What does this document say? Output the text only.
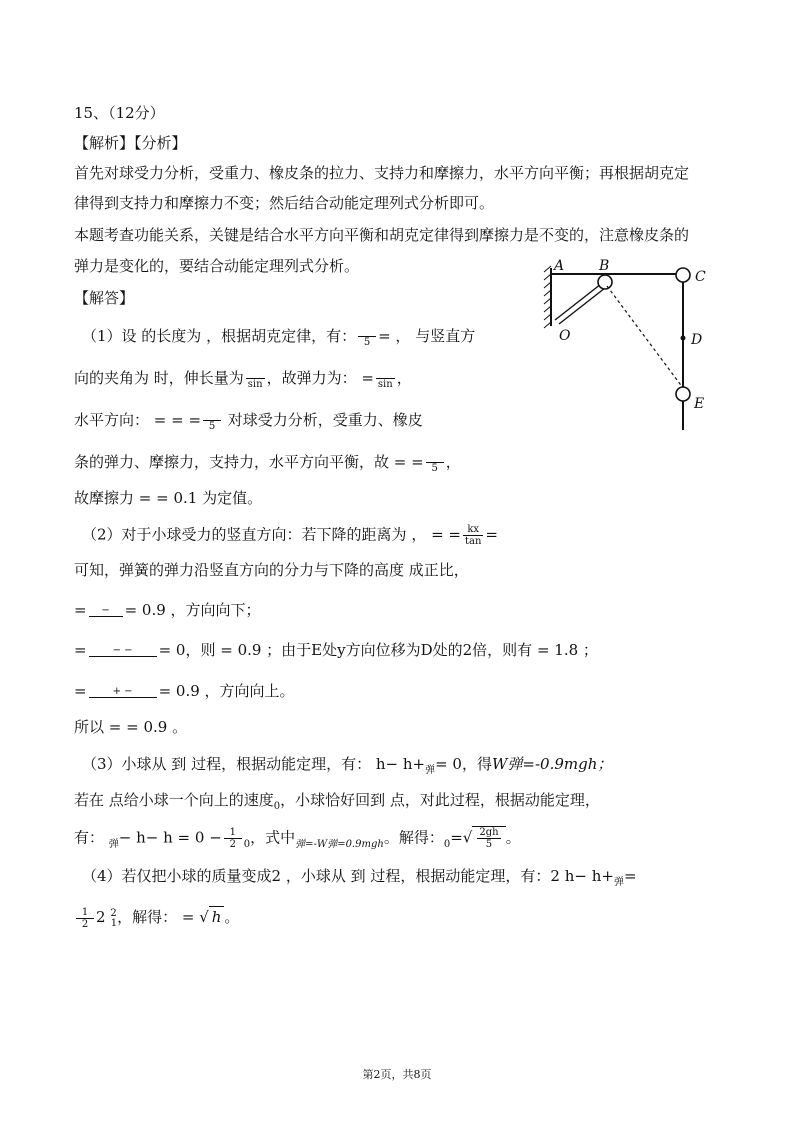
15、（12分）
【解析】【分析】
首先对球受力分析，受重力、橡皮条的拉力、支持力和摩擦力，水平方向平衡；再根据胡克定
律得到支持力和摩擦力不变；然后结合动能定理列式分析即可。
本题考查功能关系，关键是结合水平方向平衡和胡克定律得到摩擦力是不变的，注意橡皮条的
弹力是变化的，要结合动能定理列式分析。
【解答】
（1）设 的长度为 ，根据胡克定律，有： 5 = ， 与竖直方
向的夹角为 时，伸长量为 sin ，故弹力为： = sin ，
水平方向： = = = 5 对球受力分析，受重力、橡皮
条的弹力、摩擦力，支持力，水平方向平衡，故 = = 5 ，
故摩擦力 = = 0.1 为定值。
（2）对于小球受力的竖直方向：若下降的距离为 ， = = $\frac{kx}{\tan}$ =
可知，弹簧的弹力沿竖直方向的分力与下降的高度 成正比，
=	− = 0.9 ，方向向下；
=	− −	= 0，则 = 0.9 ；由于E处y方向位移为D处的2倍，则有 = 1.8 ；
=	+ −	= 0.9 ，方向向上。
所以 = = 0.9 。
（3）小球从 到 过程，根据动能定理，有： $h- h+_弹= 0$，得W弹=-0.9mgh；
若在 点给小球一个向上的速度$_0$，小球恰好回到 点，对此过程，根据动能定理，
有： $_弹- h- h = 0 - \frac{1}{2} _0$，式中$_{弹=-W弹=0.9mgh}$。解得：$_0=√ \frac{2gh}{5}$ 。
（4）若仅把小球的质量变成2 ，小球从 到 过程，根据动能定理，有：2 $h- h+_弹=$
$\frac{1}{2} 2$ $^2_1$，解得： = √h 。
A B
C
D
E
O
第2页，共8页
